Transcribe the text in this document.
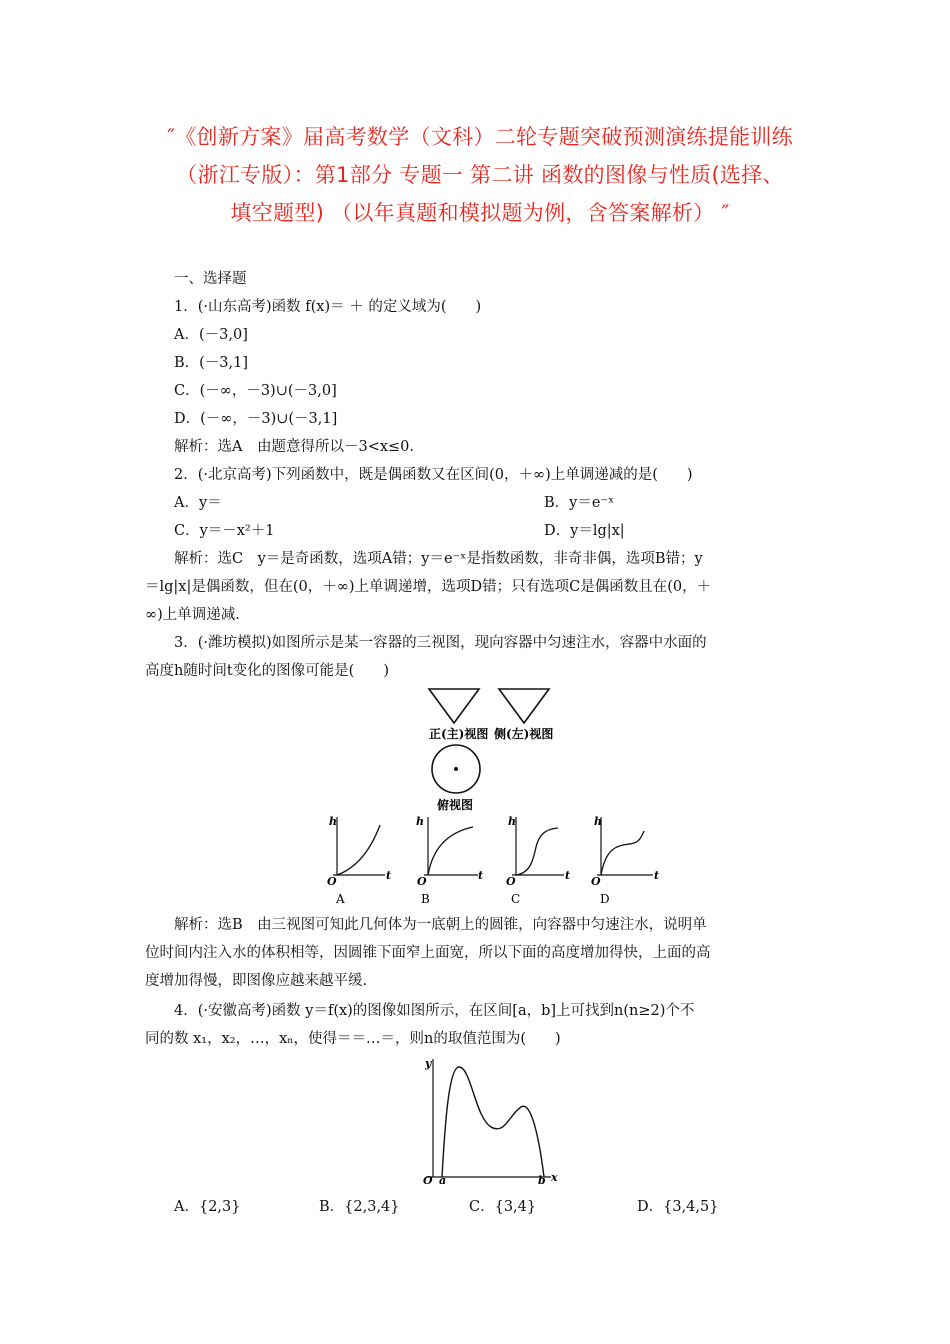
″《创新方案》届高考数学（文科）二轮专题突破预测演练提能训练
（浙江专版）：第1部分 专题一 第二讲 函数的图像与性质(选择、
填空题型) （以年真题和模拟题为例，含答案解析） ″
一、选择题
1．(·山东高考)函数 f(x)＝ ＋ 的定义域为(　　)
A．(－3,0]
B．(－3,1]
C．(－∞，－3)∪(－3,0]
D．(－∞，－3)∪(－3,1]
解析：选A　由题意得所以－3<x≤0.
2．(·北京高考)下列函数中，既是偶函数又在区间(0，＋∞)上单调递减的是(　　)
A．y＝	B．y＝e⁻ˣ
C．y＝－x²＋1	D．y＝lg|x|
解析：选C　y＝是奇函数，选项A错；y＝e⁻ˣ是指数函数，非奇非偶，选项B错；y
＝lg|x|是偶函数，但在(0，＋∞)上单调递增，选项D错；只有选项C是偶函数且在(0，＋
∞)上单调递减.
3．(·潍坊模拟)如图所示是某一容器的三视图，现向容器中匀速注水，容器中水面的
高度h随时间t变化的图像可能是(　　)
正(主)视图 侧(左)视图
俯视图
h
t
O
A
h
t
O
B
h
t
O
C
h
t
O
D
解析：选B　由三视图可知此几何体为一底朝上的圆锥，向容器中匀速注水，说明单
位时间内注入水的体积相等，因圆锥下面窄上面宽，所以下面的高度增加得快，上面的高
度增加得慢，即图像应越来越平缓.
4．(·安徽高考)函数 y＝f(x)的图像如图所示，在区间[a，b]上可找到n(n≥2)个不
同的数 x₁，x₂，…，xₙ，使得＝＝…＝，则n的取值范围为(　　)
y
x
O a	b
A．{2,3}	B．{2,3,4}	C．{3,4}	D．{3,4,5}
